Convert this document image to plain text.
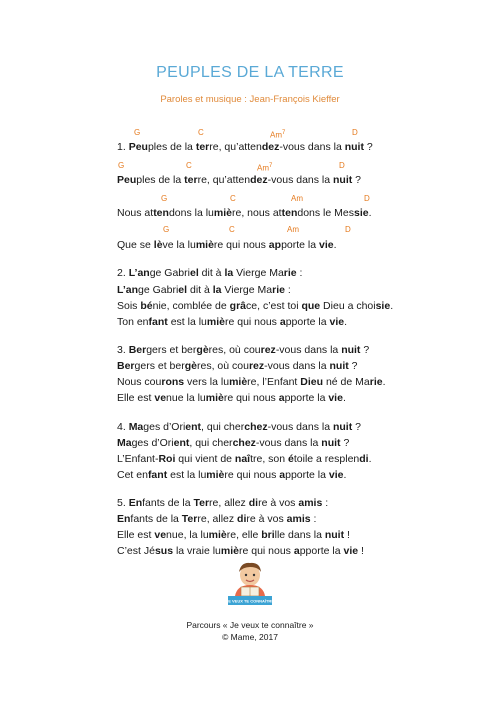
PEUPLES DE LA TERRE
Paroles et musique : Jean-François Kieffer
G	C	Am$^7$	D
G	C	Am$^7$	D
G	C	Am	D
G	C	Am	D
1. Peuples de la terre, qu’attendez-vous dans la nuit ?
Peuples de la terre, qu’attendez-vous dans la nuit ?
Nous attendons la lumière, nous attendons le Messie.
Que se lève la lumière qui nous apporte la vie.
2. L’ange Gabriel dit à la Vierge Marie :
L’ange Gabriel dit à la Vierge Marie :
Sois bénie, comblée de grâce, c’est toi que Dieu a choisie.
Ton enfant est la lumière qui nous apporte la vie.
3. Bergers et bergères, où courez-vous dans la nuit ?
Bergers et bergères, où courez-vous dans la nuit ?
Nous courons vers la lumière, l’Enfant Dieu né de Marie.
Elle est venue la lumière qui nous apporte la vie.
4. Mages d’Orient, qui cherchez-vous dans la nuit ?
Mages d’Orient, qui cherchez-vous dans la nuit ?
L’Enfant-Roi qui vient de naître, son étoile a resplendi.
Cet enfant est la lumière qui nous apporte la vie.
5. Enfants de la Terre, allez dire à vos amis :
Enfants de la Terre, allez dire à vos amis :
Elle est venue, la lumière, elle brille dans la nuit !
C’est Jésus la vraie lumière qui nous apporte la vie !
JE VEUX TE CONNAÎTRE
Parcours « Je veux te connaître »
© Mame, 2017
